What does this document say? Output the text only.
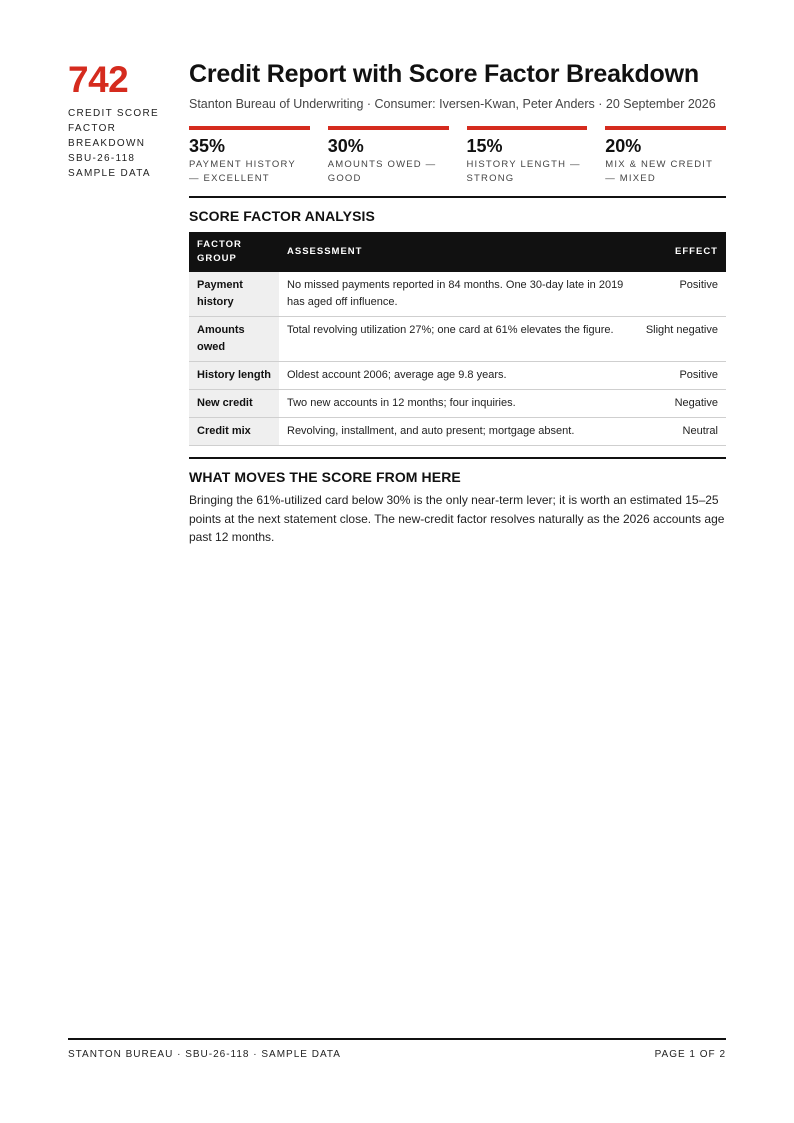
742
CREDIT SCORE
FACTOR
BREAKDOWN
SBU-26-118
SAMPLE DATA
Credit Report with Score Factor Breakdown
Stanton Bureau of Underwriting · Consumer: Iversen-Kwan, Peter Anders · 20 September 2026
35%
PAYMENT HISTORY — EXCELLENT
30%
AMOUNTS OWED — GOOD
15%
HISTORY LENGTH — STRONG
20%
MIX & NEW CREDIT — MIXED
SCORE FACTOR ANALYSIS
FACTOR GROUP	ASSESSMENT	EFFECT
Payment history	No missed payments reported in 84 months. One 30-day late in 2019 has aged off influence.	Positive
Amounts owed	Total revolving utilization 27%; one card at 61% elevates the figure.	Slight negative
History length	Oldest account 2006; average age 9.8 years.	Positive
New credit	Two new accounts in 12 months; four inquiries.	Negative
Credit mix	Revolving, installment, and auto present; mortgage absent.	Neutral
WHAT MOVES THE SCORE FROM HERE
Bringing the 61%-utilized card below 30% is the only near-term lever; it is worth an estimated 15–25 points at the next statement close. The new-credit factor resolves naturally as the 2026 accounts age past 12 months.
STANTON BUREAU · SBU-26-118 · SAMPLE DATA	PAGE 1 OF 2
